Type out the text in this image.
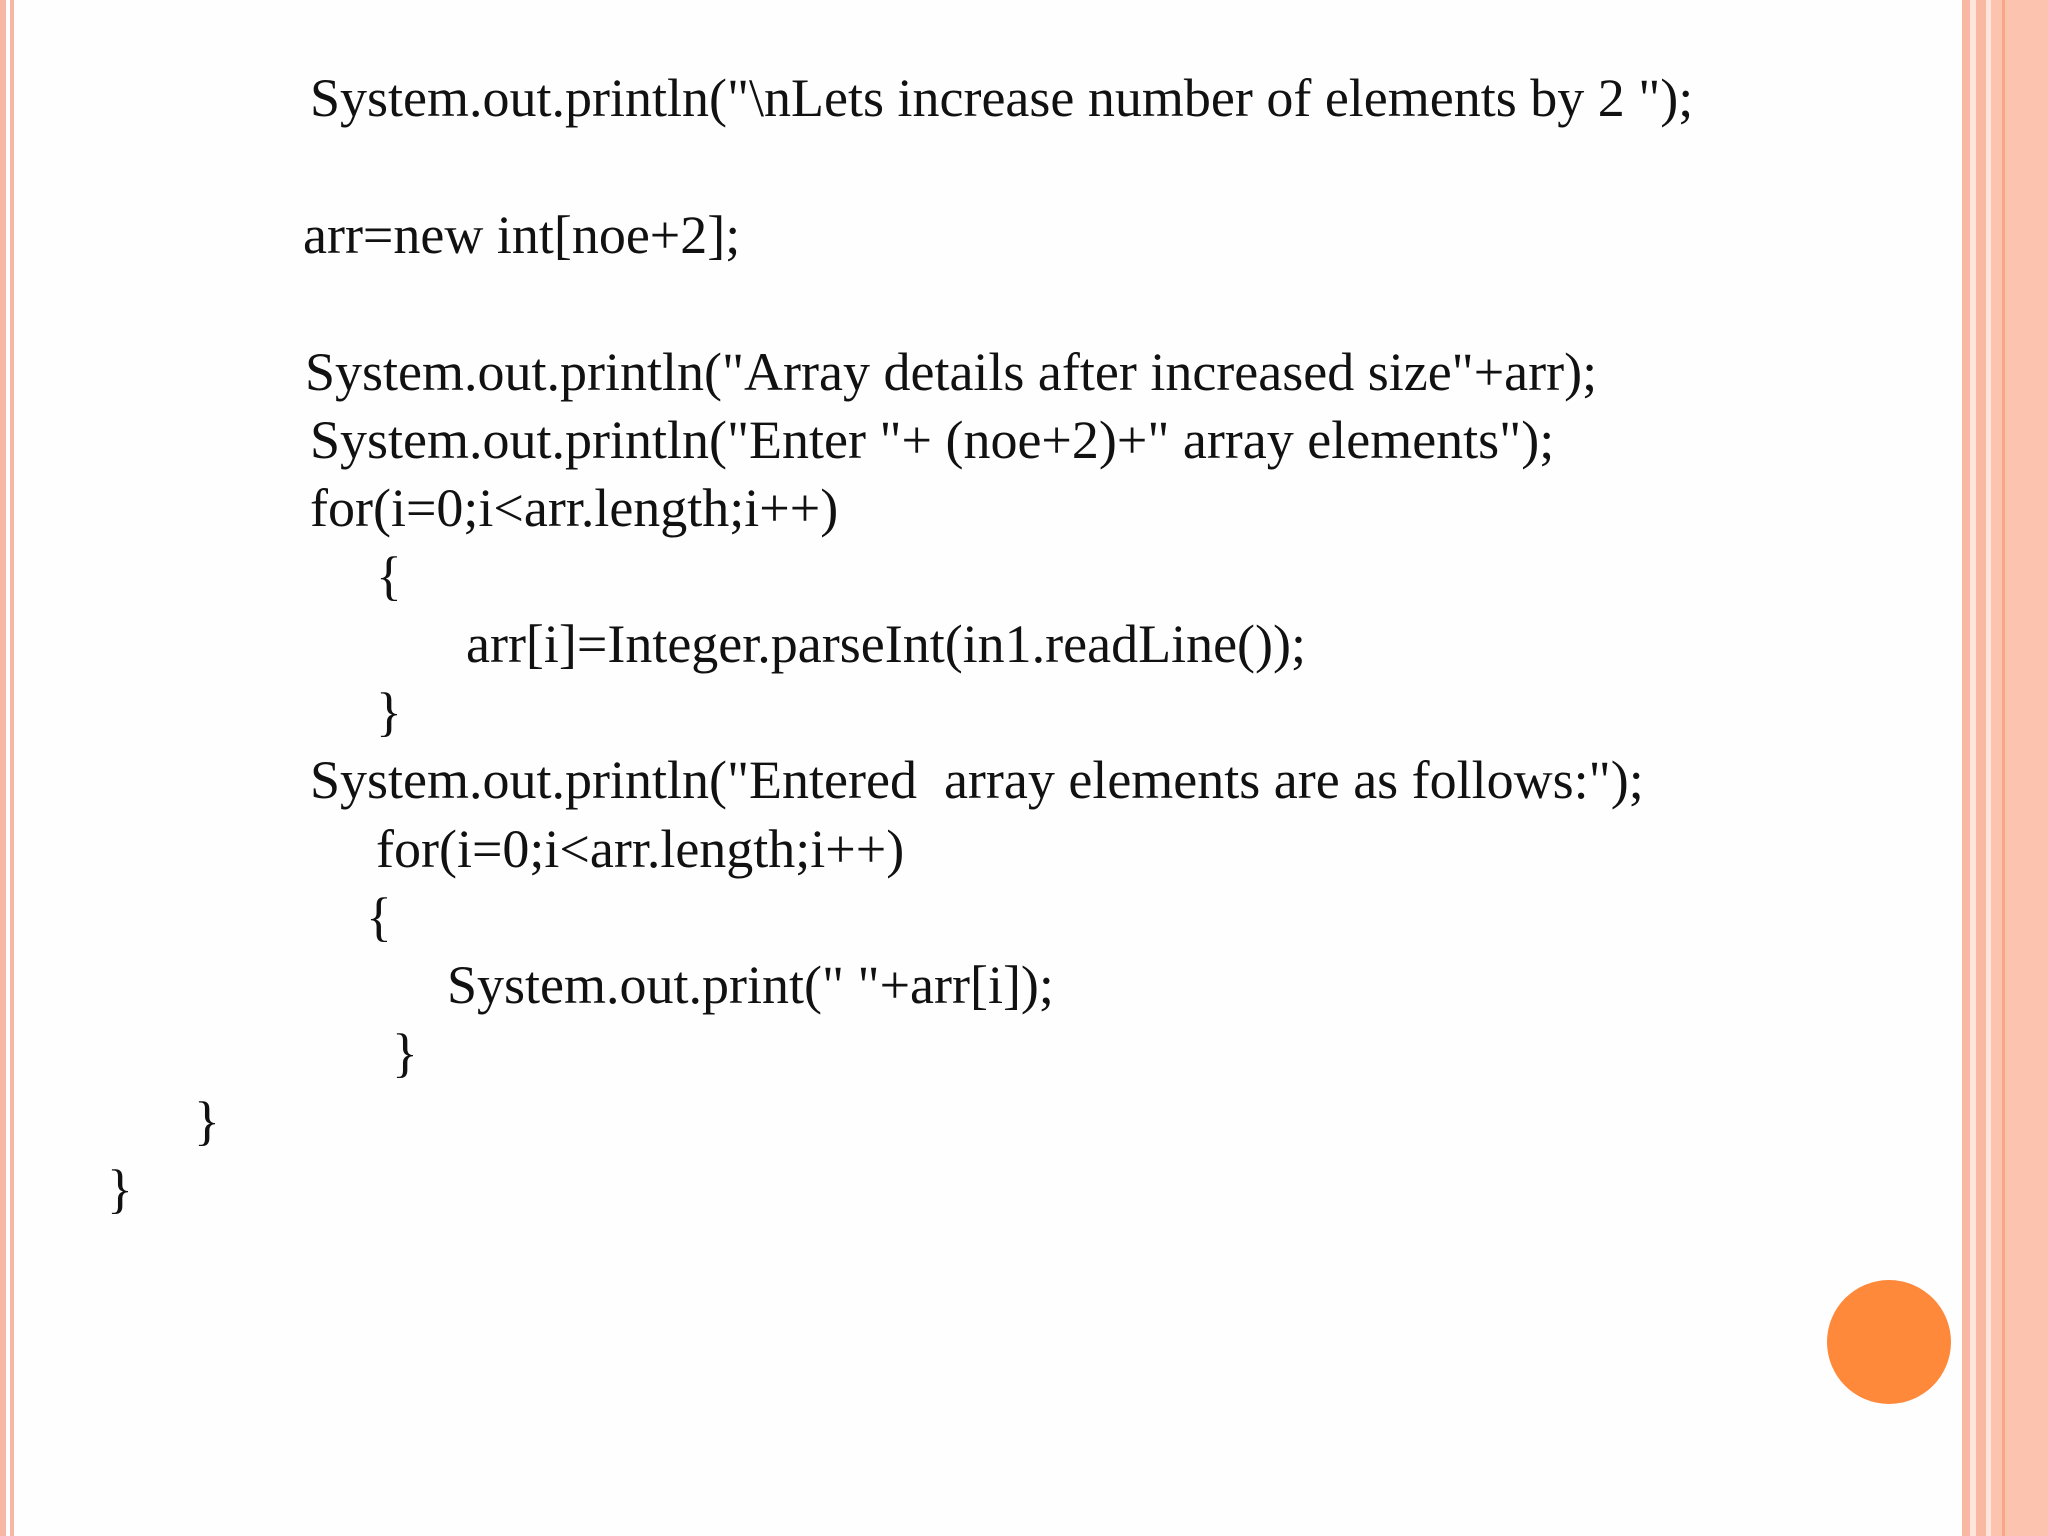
System.out.println("\nLets increase number of elements by 2 ");
arr=new int[noe+2];
System.out.println("Array details after increased size"+arr);
System.out.println("Enter "+ (noe+2)+" array elements");
for(i=0;i<arr.length;i++)
{
arr[i]=Integer.parseInt(in1.readLine());
}
System.out.println("Entered  array elements are as follows:");
for(i=0;i<arr.length;i++)
{
System.out.print(" "+arr[i]);
}
}
}
